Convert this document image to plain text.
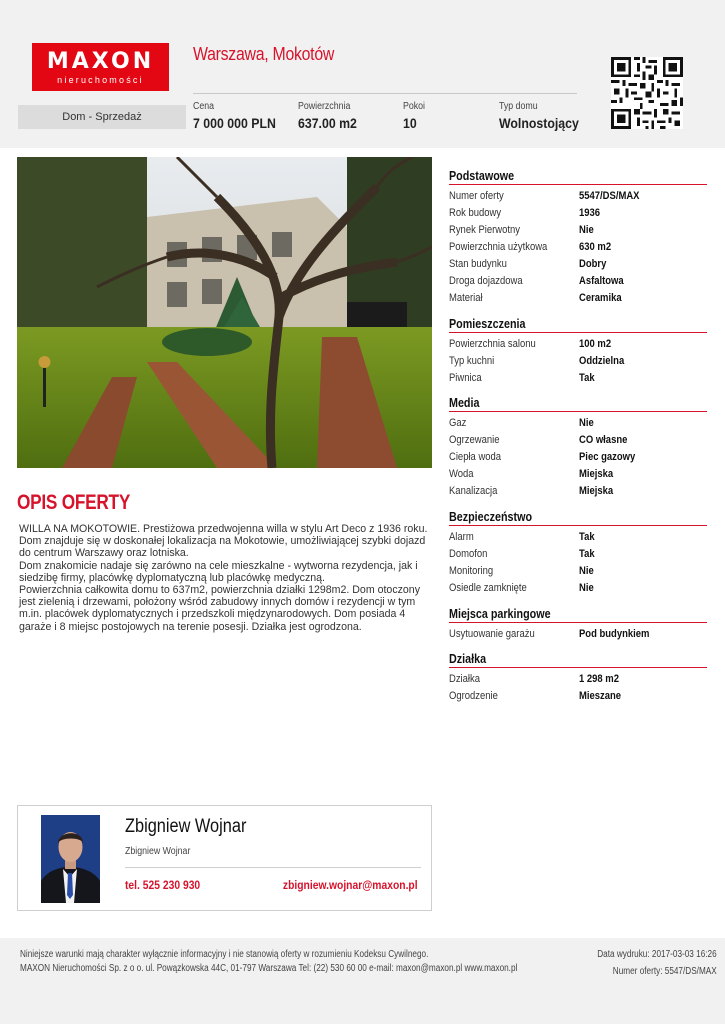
MAXON
nieruchomości
Warszawa, Mokotów
Dom - Sprzedaż
Cena
7 000 000 PLN
Powierzchnia
637.00 m2
Pokoi
10
Typ domu
Wolnostojący
OPIS OFERTY
WILLA NA MOKOTOWIE. Prestiżowa przedwojenna willa w stylu Art Deco z 1936 roku. Dom znajduje się w doskonałej lokalizacja na Mokotowie, umożliwiającej szybki dojazd do centrum Warszawy oraz lotniska.
Dom znakomicie nadaje się zarówno na cele mieszkalne - wytworna rezydencja, jak i siedzibę firmy, placówkę dyplomatyczną lub placówkę medyczną.
Powierzchnia całkowita domu to 637m2, powierzchnia działki 1298m2. Dom otoczony jest zielenią i drzewami, położony wśród zabudowy innych domów i rezydencji w tym m.in. placówek dyplomatycznych i przedszkoli międzynarodowych. Dom posiada 4 garaże i 8 miejsc postojowych na terenie posesji. Działka jest ogrodzona.
Podstawowe
Numer oferty	5547/DS/MAX
Rok budowy	1936
Rynek Pierwotny	Nie
Powierzchnia użytkowa	630 m2
Stan budynku	Dobry
Droga dojazdowa	Asfaltowa
Materiał	Ceramika
Pomieszczenia
Powierzchnia salonu	100 m2
Typ kuchni	Oddzielna
Piwnica	Tak
Media
Gaz	Nie
Ogrzewanie	CO własne
Ciepła woda	Piec gazowy
Woda	Miejska
Kanalizacja	Miejska
Bezpieczeństwo
Alarm	Tak
Domofon	Tak
Monitoring	Nie
Osiedle zamknięte	Nie
Miejsca parkingowe
Usytuowanie garażu	Pod budynkiem
Działka
Działka	1 298 m2
Ogrodzenie	Mieszane
Zbigniew Wojnar
Zbigniew Wojnar
tel. 525 230 930	zbigniew.wojnar@maxon.pl
Niniejsze warunki mają charakter wyłącznie informacyjny i nie stanowią oferty w rozumieniu Kodeksu Cywilnego.
MAXON Nieruchomości Sp. z o o. ul. Powązkowska 44C, 01-797 Warszawa Tel: (22) 530 60 00 e-mail: maxon@maxon.pl www.maxon.pl
Data wydruku: 2017-03-03 16:26
Numer oferty: 5547/DS/MAX
